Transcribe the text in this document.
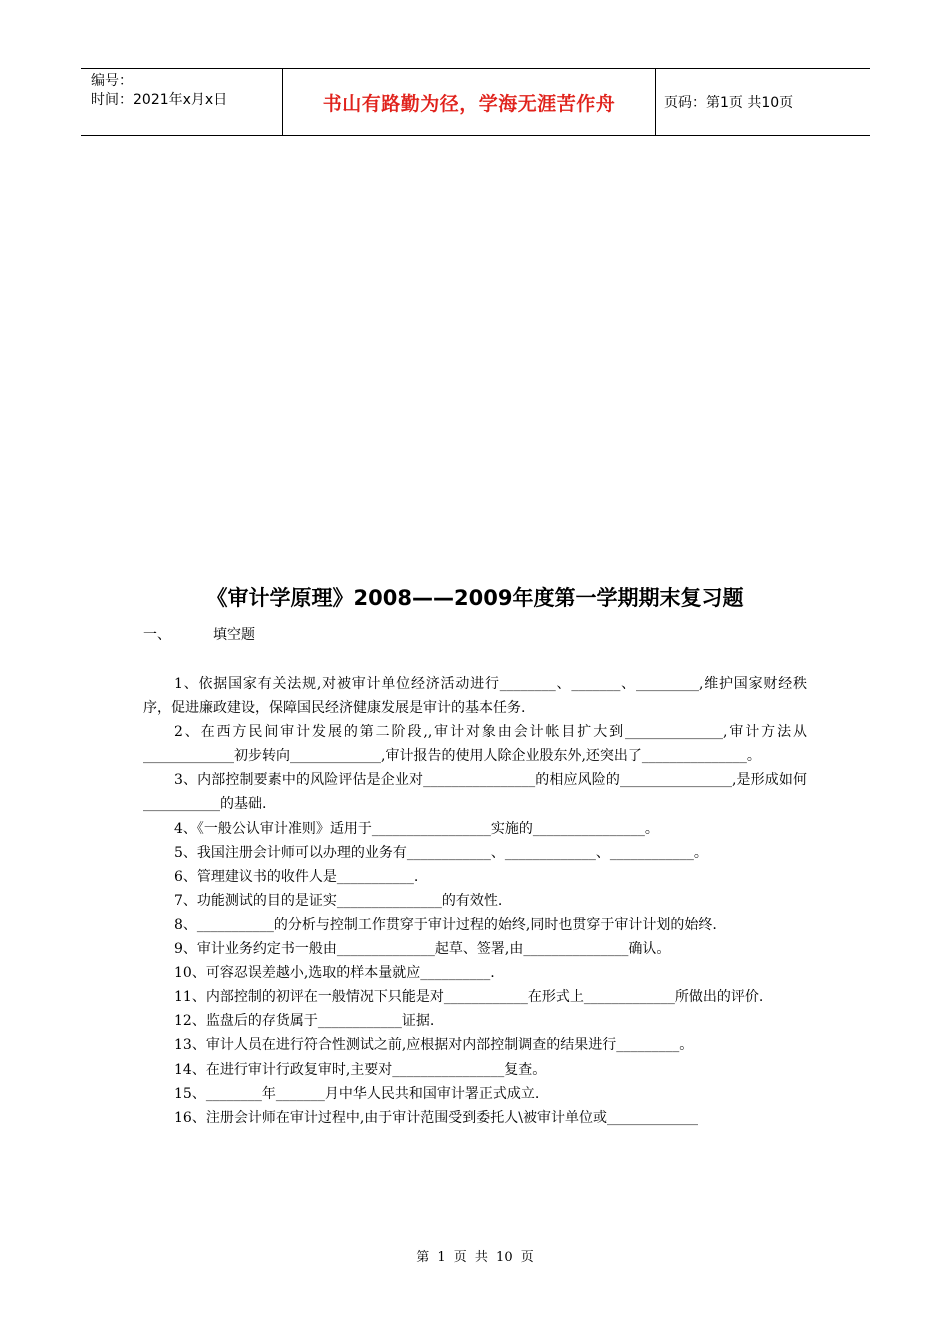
编号：
时间：2021年x月x日	书山有路勤为径，学海无涯苦作舟	页码：第1页 共10页
《审计学原理》2008——2009年度第一学期期末复习题
一、	填空题

1、依据国家有关法规,对被审计单位经济活动进行________、_______、_________,维护国家财经秩序，促进廉政建设，保障国民经济健康发展是审计的基本任务.

2、在西方民间审计发展的第二阶段,,审计对象由会计帐目扩大到______________,审计方法从_____________初步转向_____________,审计报告的使用人除企业股东外,还突出了_______________。

3、内部控制要素中的风险评估是企业对________________的相应风险的________________,是形成如何___________的基础.

4、《一般公认审计准则》适用于_________________实施的________________。

5、我国注册会计师可以办理的业务有____________、_____________、____________。

6、管理建议书的收件人是___________.

7、功能测试的目的是证实_______________的有效性.

8、___________的分析与控制工作贯穿于审计过程的始终,同时也贯穿于审计计划的始终.

9、审计业务约定书一般由______________起草、签署,由_______________确认。

10、可容忍误差越小,选取的样本量就应__________.

11、内部控制的初评在一般情况下只能是对____________在形式上_____________所做出的评价.

12、监盘后的存货属于____________证据.

13、审计人员在进行符合性测试之前,应根据对内部控制调查的结果进行_________。

14、在进行审计行政复审时,主要对________________复查。

15、________年_______月中华人民共和国审计署正式成立.

16、注册会计师在审计过程中,由于审计范围受到委托人\被审计单位或_____________

第 1 页 共 10 页
